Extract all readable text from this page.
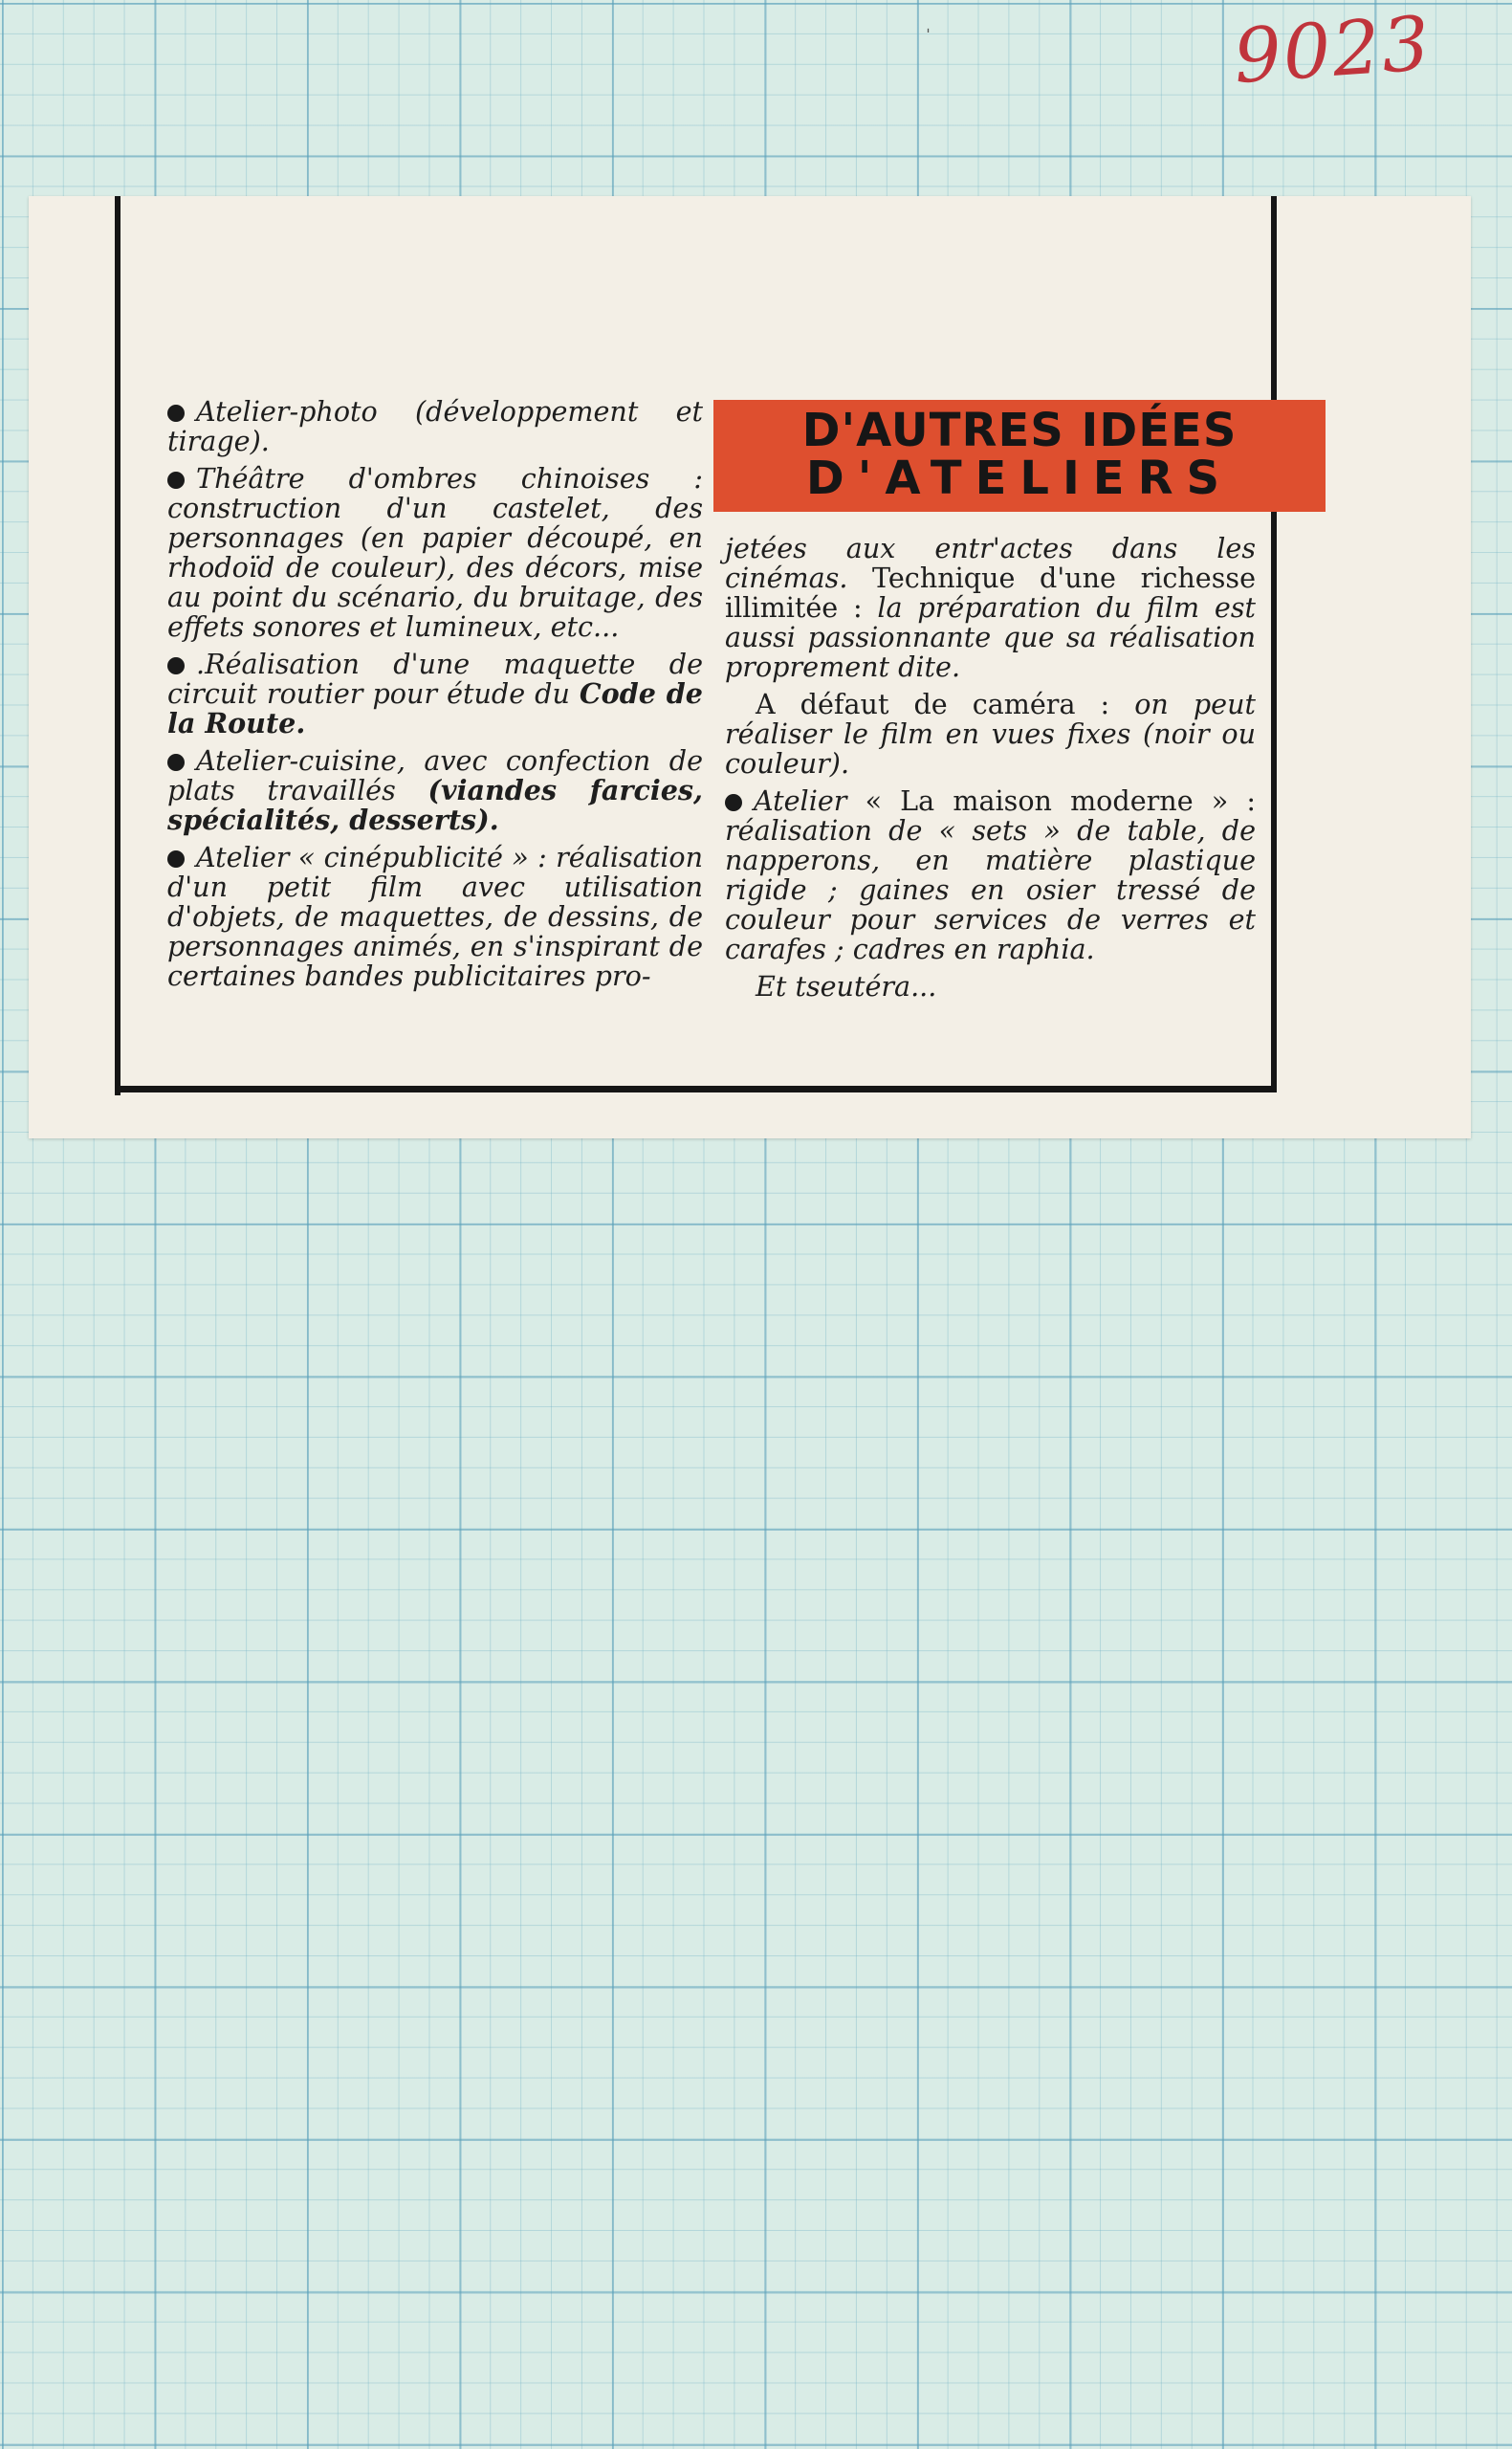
9023
ˌ
D'AUTRES IDÉES
D'ATELIERS

Atelier-photo (développement et tirage).

Théâtre d'ombres chinoises : construction d'un castelet, des personnages (en papier découpé, en rhodoïd de couleur), des décors, mise au point du scénario, du bruitage, des effets sonores et lumineux, etc...

.Réalisation d'une maquette de circuit routier pour étude du Code de la Route.

Atelier-cuisine, avec confection de plats travaillés (viandes farcies, spécialités, desserts).

Atelier « cinépublicité » : réalisation d'un petit film avec utilisation d'objets, de maquettes, de dessins, de personnages animés, en s'inspirant de certaines bandes publicitaires pro-

jetées aux entr'actes dans les cinémas. Technique d'une richesse illimitée : la préparation du film est aussi passionnante que sa réalisation proprement dite.

A défaut de caméra : on peut réaliser le film en vues fixes (noir ou couleur).

Atelier « La maison moderne » : réalisation de « sets » de table, de napperons, en matière plastique rigide ; gaines en osier tressé de couleur pour services de verres et carafes ; cadres en raphia.

Et tseutéra...
